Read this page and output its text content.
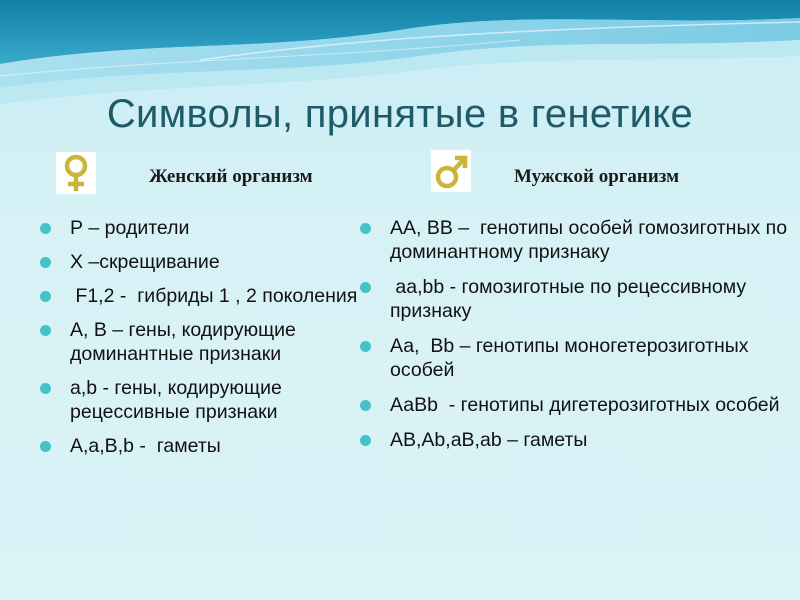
Символы, принятые в генетике
Женский организм	Мужской организм
Р – родители
Х –скрещивание
F1,2 -  гибриды 1 , 2 поколения
А, В – гены, кодирующие доминантные признаки
а,b - гены, кодирующие рецессивные признаки
А,а,В,b -  гаметы
АА, ВВ –  генотипы особей гомозиготных по доминантному признаку
аа,bb - гомозиготные по рецессивному признаку
Аа,  Вb – генотипы моногетерозиготных особей
АаВb  - генотипы дигетерозиготных особей
АВ,Аb,аВ,аb – гаметы
